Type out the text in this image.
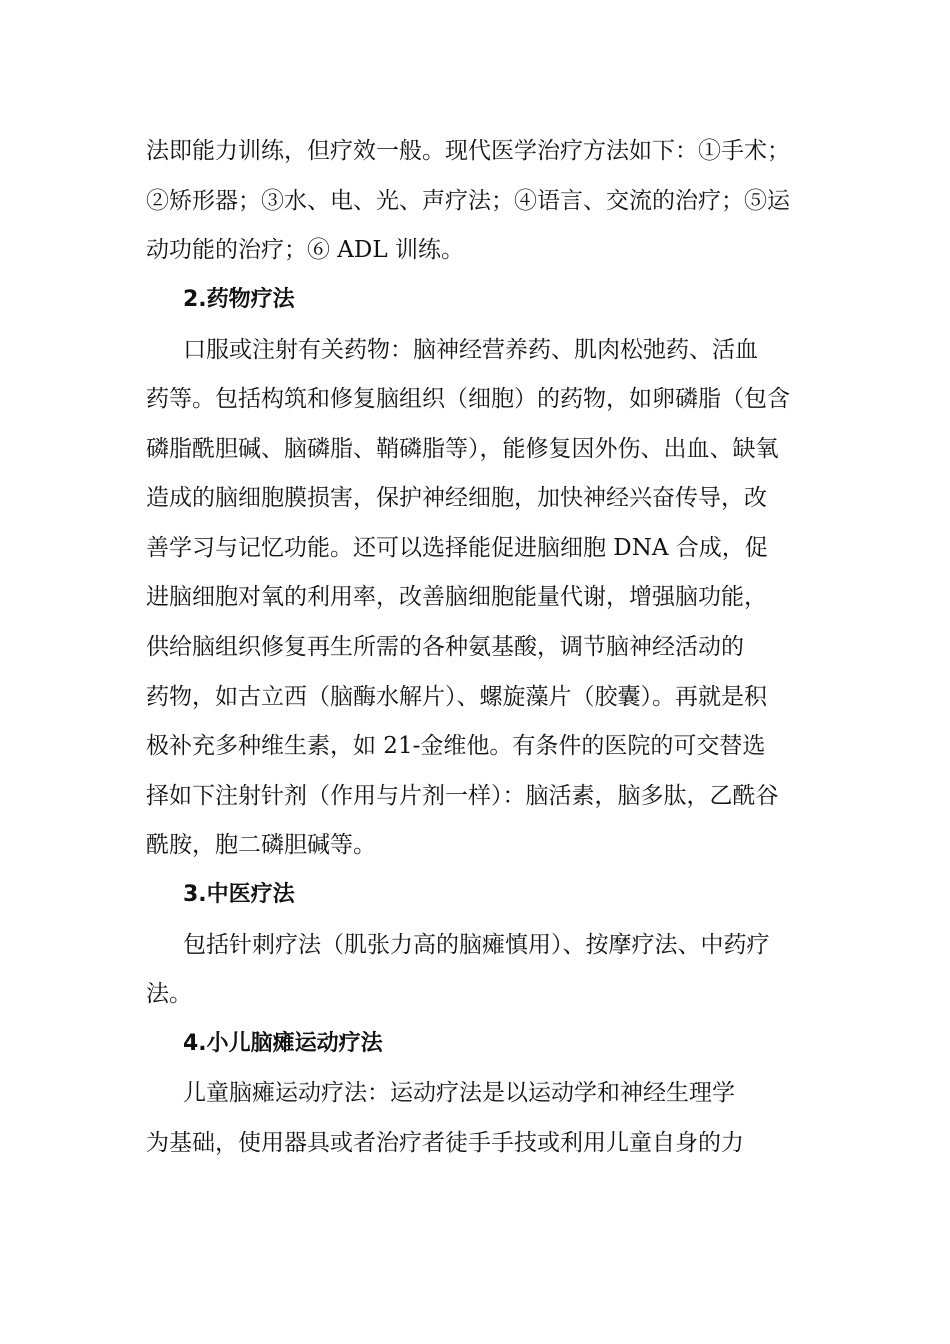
法即能力训练，但疗效一般。现代医学治疗方法如下：①手术；
②矫形器；③水、电、光、声疗法；④语言、交流的治疗；⑤运
动功能的治疗；⑥ ADL 训练。
2.药物疗法
口服或注射有关药物：脑神经营养药、肌肉松弛药、活血
药等。包括构筑和修复脑组织（细胞）的药物，如卵磷脂（包含
磷脂酰胆碱、脑磷脂、鞘磷脂等），能修复因外伤、出血、缺氧
造成的脑细胞膜损害，保护神经细胞，加快神经兴奋传导，改
善学习与记忆功能。还可以选择能促进脑细胞 DNA 合成，促
进脑细胞对氧的利用率，改善脑细胞能量代谢，增强脑功能，
供给脑组织修复再生所需的各种氨基酸，调节脑神经活动的
药物，如古立西（脑酶水解片）、螺旋藻片（胶囊）。再就是积
极补充多种维生素，如 21-金维他。有条件的医院的可交替选
择如下注射针剂（作用与片剂一样）：脑活素，脑多肽，乙酰谷
酰胺，胞二磷胆碱等。
3.中医疗法
包括针刺疗法（肌张力高的脑瘫慎用）、按摩疗法、中药疗
法。
4.小儿脑瘫运动疗法
儿童脑瘫运动疗法：运动疗法是以运动学和神经生理学
为基础，使用器具或者治疗者徒手手技或利用儿童自身的力
